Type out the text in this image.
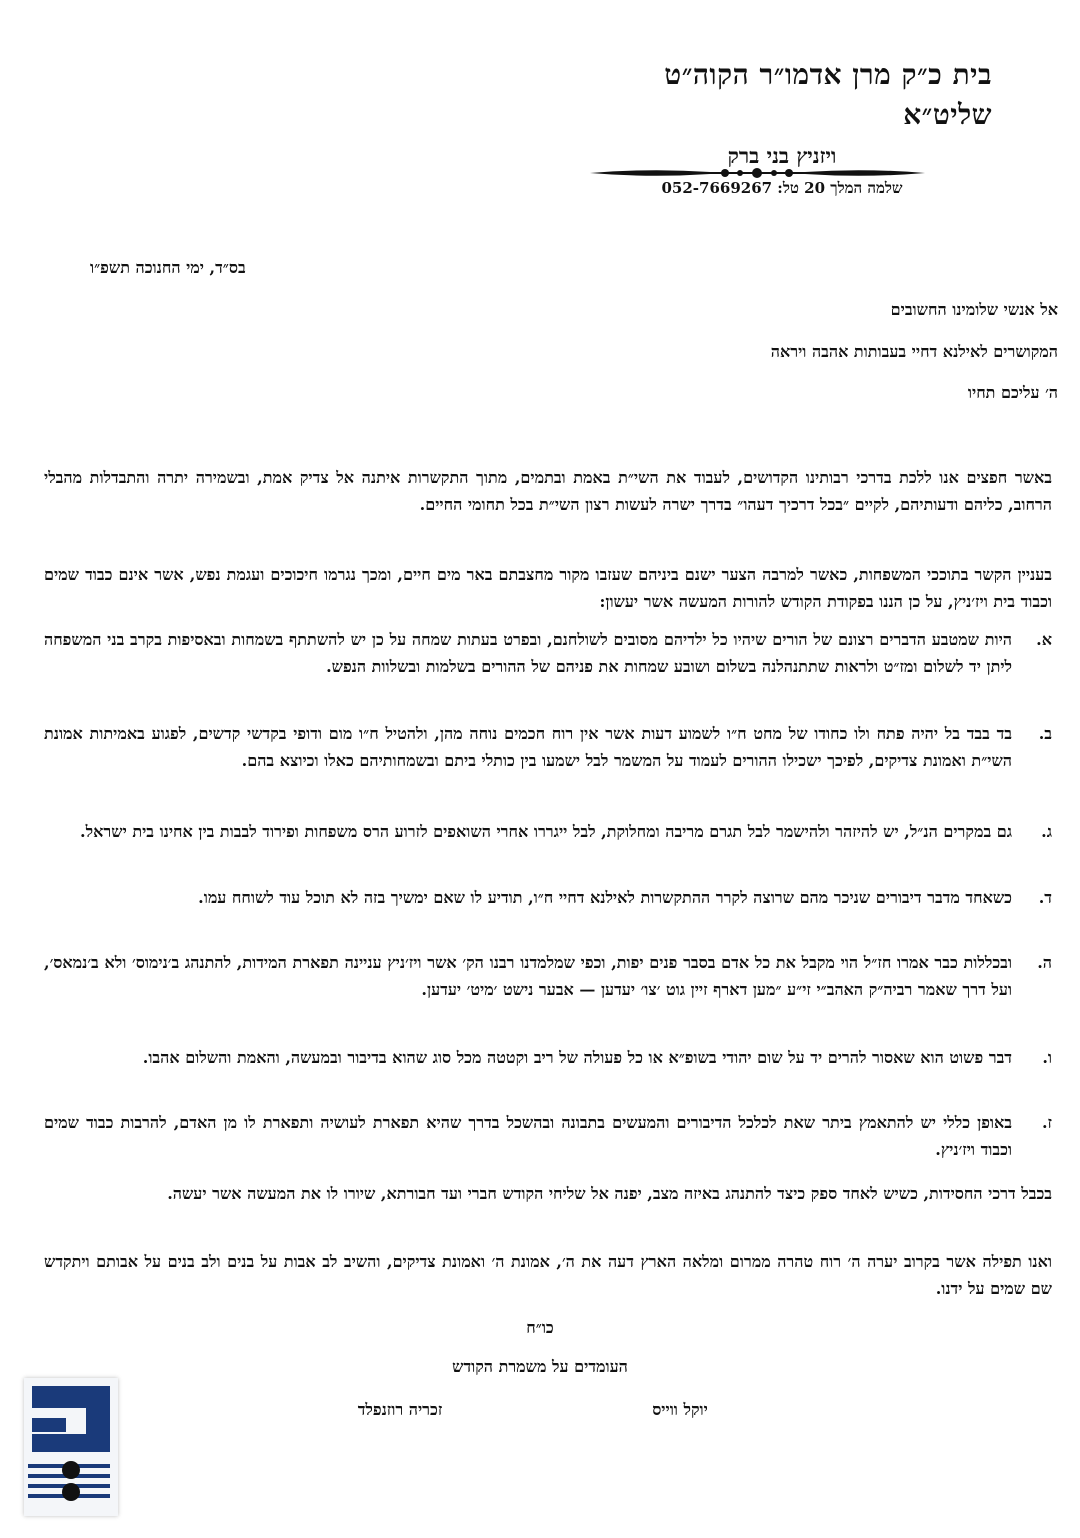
בית כ״ק מרן אדמו״ר הקוה״ט שליט״א
ויזניץ בני ברק
שלמה המלך 20 טל: 052-7669267
בס״ד, ימי החנוכה תשפ״ו
אל אנשי שלומינו החשובים
המקושרים לאילנא דחיי בעבותות אהבה ויראה
ה׳ עליכם תחיו
באשר חפצים אנו ללכת בדרכי רבותינו הקדושים, לעבוד את השי״ת באמת ובתמים, מתוך התקשרות איתנה אל צדיק אמת, ובשמירה יתרה והתבדלות מהבלי הרחוב, כליהם ודעותיהם, לקיים ״בכל דרכיך דעהו״ בדרך ישרה לעשות רצון השי״ת בכל תחומי החיים.
בעניין הקשר בתוככי המשפחות, כאשר למרבה הצער ישנם ביניהם שעזבו מקור מחצבתם באר מים חיים, ומכך נגרמו חיכוכים ועגמת נפש, אשר אינם כבוד שמים וכבוד בית ויז׳ניץ, על כן הננו בפקודת הקודש להורות המעשה אשר יעשון:
א.
היות שמטבע הדברים רצונם של הורים שיהיו כל ילדיהם מסובים לשולחנם, ובפרט בעתות שמחה על כן יש להשתתף בשמחות ובאסיפות בקרב בני המשפחה ליתן יד לשלום ומז״ט ולראות שתתנהלנה בשלום ושובע שמחות את פניהם של ההורים בשלמות ובשלוות הנפש.
ב.
בד בבד בל יהיה פתח ולו כחודו של מחט ח״ו לשמוע דעות אשר אין רוח חכמים נוחה מהן, ולהטיל ח״ו מום ודופי בקדשי קדשים, לפגוע באמיתות אמונת השי״ת ואמונת צדיקים, לפיכך ישכילו ההורים לעמוד על המשמר לבל ישמעו בין כותלי ביתם ובשמחותיהם כאלו וכיוצא בהם.
ג.
גם במקרים הנ״ל, יש להיזהר ולהישמר לבל תגרם מריבה ומחלוקת, לבל ייגררו אחרי השואפים לזרוע הרס משפחות ופירוד לבבות בין אחינו בית ישראל.
ד.
כשאחד מדבר דיבורים שניכר מהם שרוצה לקרר ההתקשרות לאילנא דחיי ח״ו, תודיע לו שאם ימשיך בזה לא תוכל עוד לשוחח עמו.
ה.
ובכללות כבר אמרו חז״ל הוי מקבל את כל אדם בסבר פנים יפות, וכפי שמלמדנו רבנו הק׳ אשר ויז׳ניץ עניינה תפארת המידות, להתנהג ב׳נימוס׳ ולא ב׳נמאס׳, ועל דרך שאמר רביה״ק האהב״י זי״ע ״מען דארף זיין גוט ׳צו׳ יעדען — אבער נישט ׳מיט׳ יעדען.
ו.
דבר פשוט הוא שאסור להרים יד על שום יהודי בשופ״א או כל פעולה של ריב וקטטה מכל סוג שהוא בדיבור ובמעשה, והאמת והשלום אהבו.
ז.
באופן כללי יש להתאמץ ביתר שאת לכלכל הדיבורים והמעשים בתבונה ובהשכל בדרך שהיא תפארת לעושיה ותפארת לו מן האדם, להרבות כבוד שמים וכבוד ויז׳ניץ.
בכבל דרכי החסידות, כשיש לאחד ספק כיצד להתנהג באיזה מצב, יפנה אל שליחי הקודש חברי ועד חבורתא, שיורו לו את המעשה אשר יעשה.
ואנו תפילה אשר בקרוב יערה ה׳ רוח טהרה ממרום ומלאה הארץ דעה את ה׳, אמונת ה׳ ואמונת צדיקים, והשיב לב אבות על בנים ולב בנים על אבותם ויתקדש שם שמים על ידנו.
כו״ח
העומדים על משמרת הקודש
יוקל ווייס
זכריה רוזנפלד
